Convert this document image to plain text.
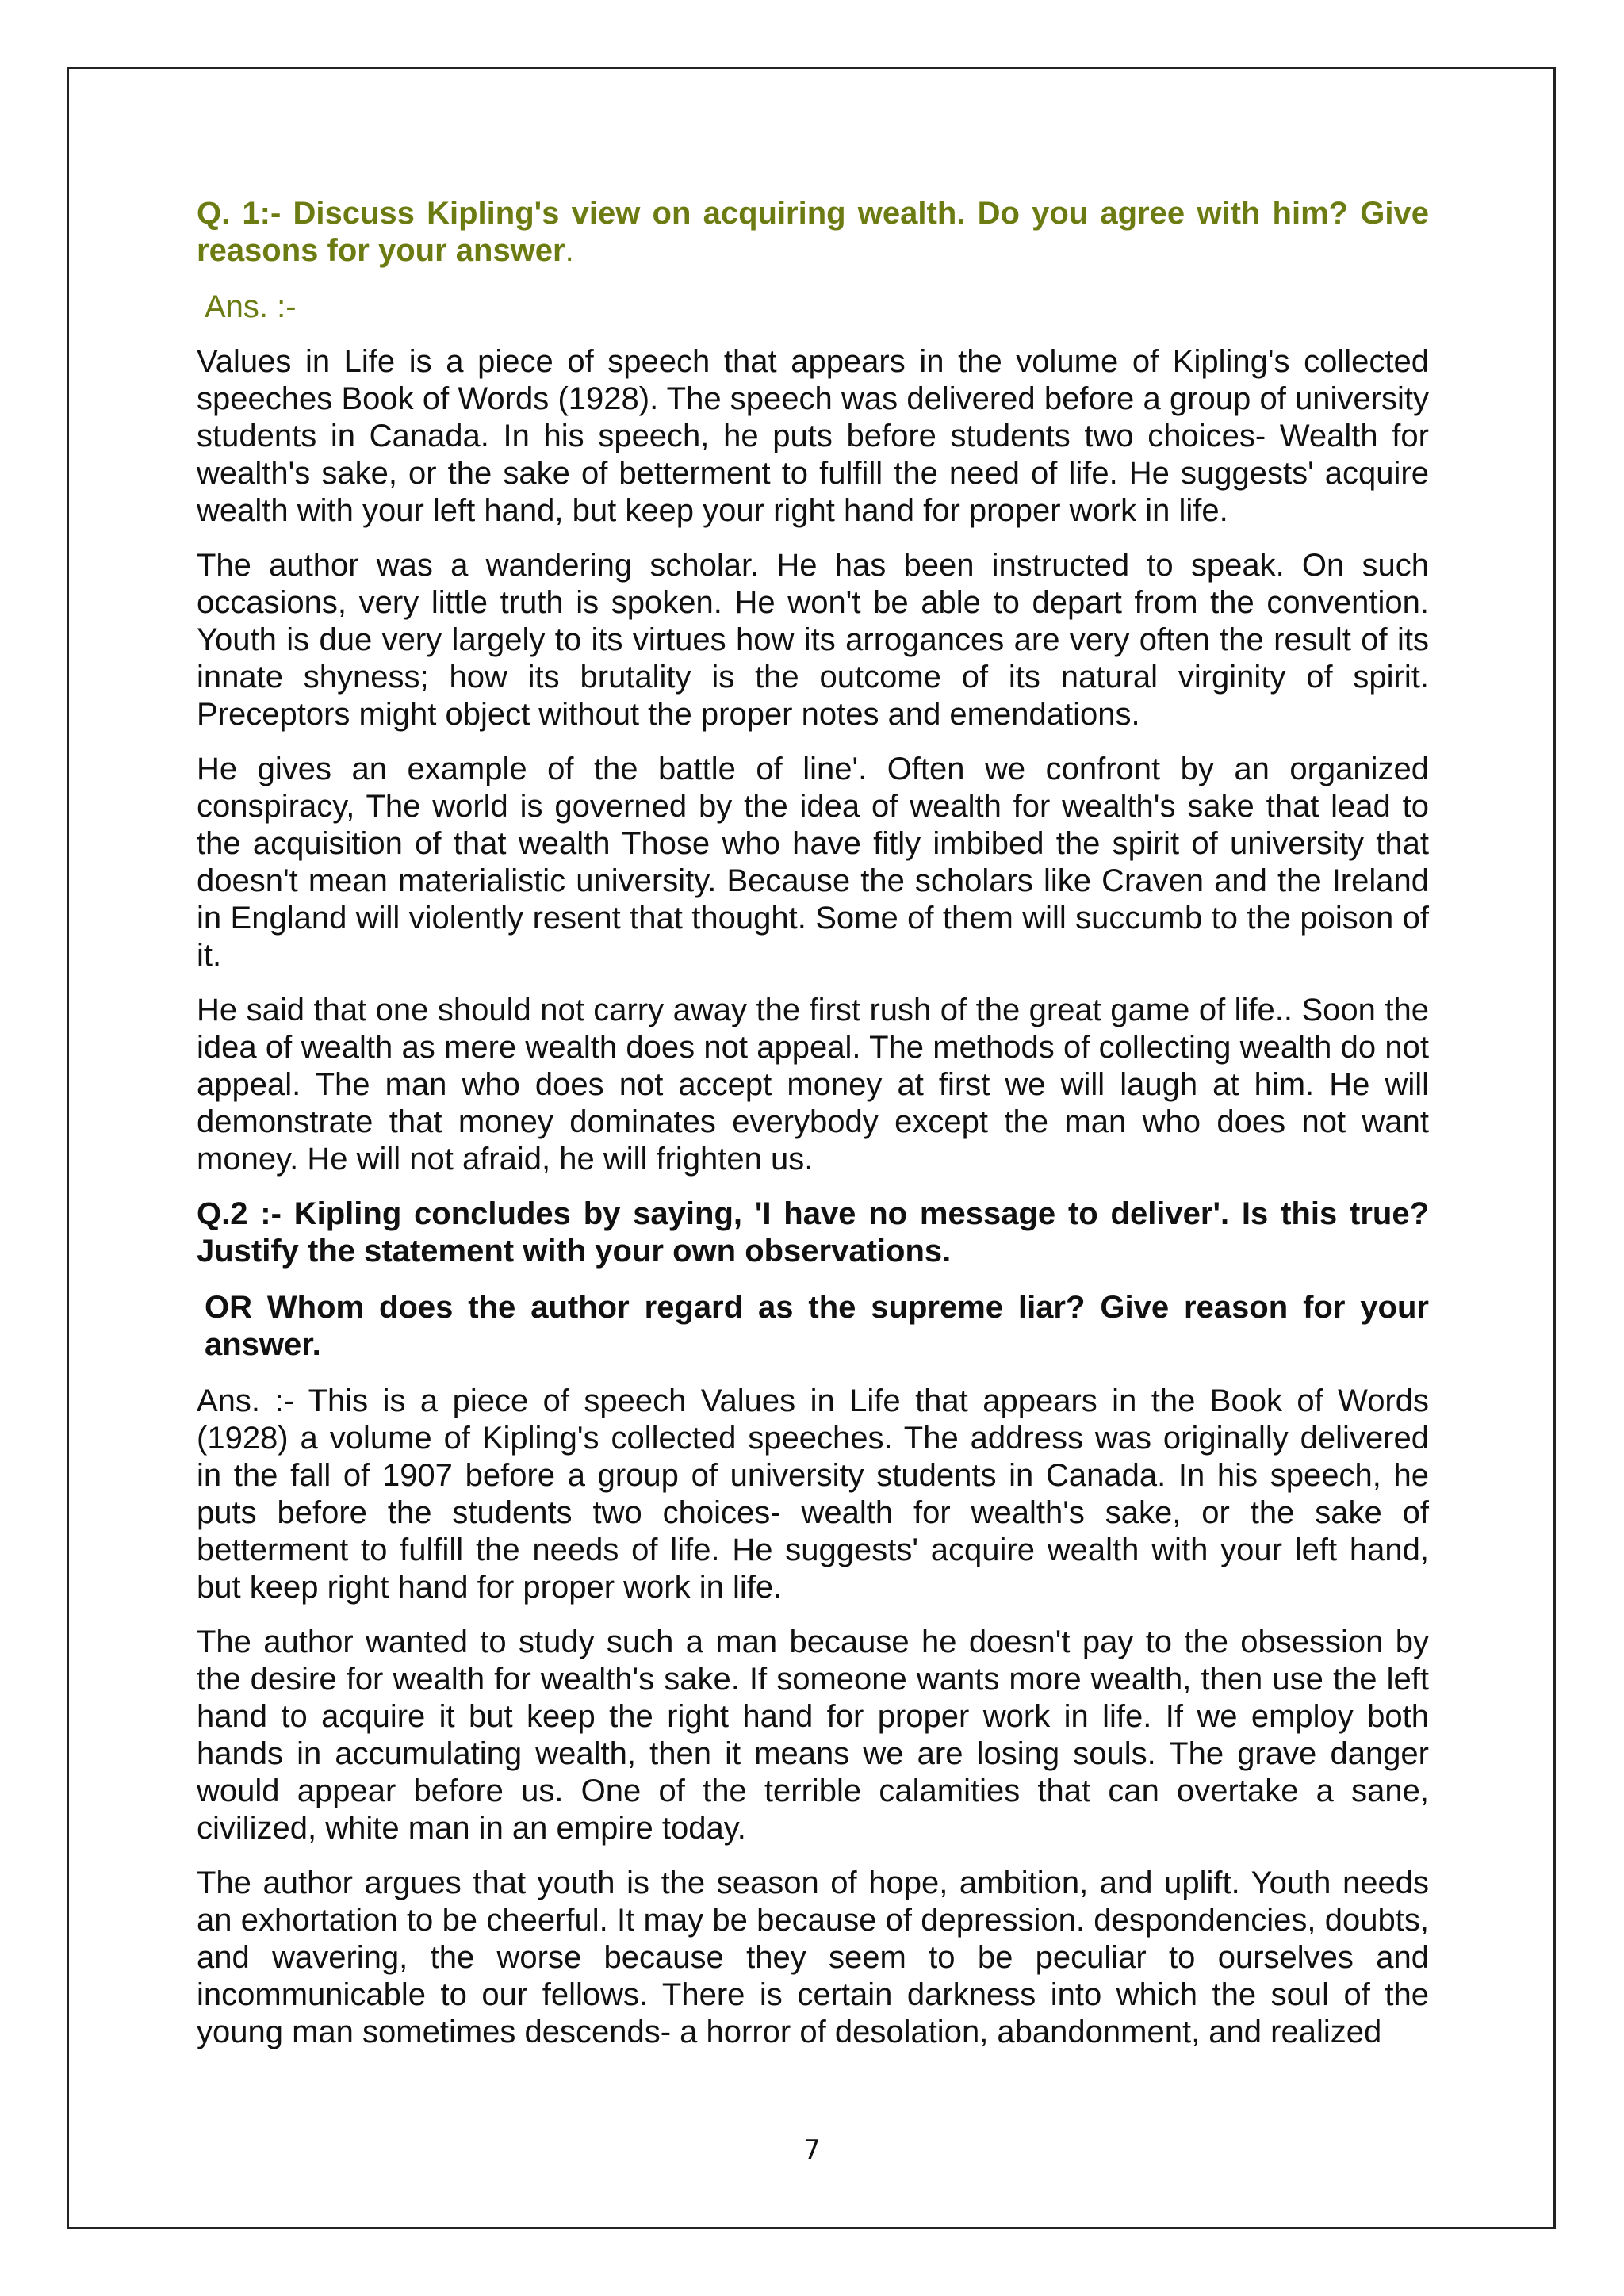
Q. 1:- Discuss Kipling's view on acquiring wealth. Do you agree with him? Give reasons for your answer.

Ans. :-

Values in Life is a piece of speech that appears in the volume of Kipling's collected speeches Book of Words (1928). The speech was delivered before a group of university students in Canada. In his speech, he puts before students two choices- Wealth for wealth's sake, or the sake of betterment to fulfill the need of life. He suggests' acquire wealth with your left hand, but keep your right hand for proper work in life.

The author was a wandering scholar. He has been instructed to speak. On such occasions, very little truth is spoken. He won't be able to depart from the convention. Youth is due very largely to its virtues how its arrogances are very often the result of its innate shyness; how its brutality is the outcome of its natural virginity of spirit. Preceptors might object without the proper notes and emendations.

He gives an example of the battle of line'. Often we confront by an organized conspiracy, The world is governed by the idea of wealth for wealth's sake that lead to the acquisition of that wealth Those who have fitly imbibed the spirit of university that doesn't mean materialistic university. Because the scholars like Craven and the Ireland in England will violently resent that thought. Some of them will succumb to the poison of it.

He said that one should not carry away the first rush of the great game of life.. Soon the idea of wealth as mere wealth does not appeal. The methods of collecting wealth do not appeal. The man who does not accept money at first we will laugh at him. He will demonstrate that money dominates everybody except the man who does not want money. He will not afraid, he will frighten us.

Q.2 :- Kipling concludes by saying, 'I have no message to deliver'. Is this true? Justify the statement with your own observations.

OR Whom does the author regard as the supreme liar? Give reason for your answer.

Ans. :- This is a piece of speech Values in Life that appears in the Book of Words (1928) a volume of Kipling's collected speeches. The address was originally delivered in the fall of 1907 before a group of university students in Canada. In his speech, he puts before the students two choices- wealth for wealth's sake, or the sake of betterment to fulfill the needs of life. He suggests' acquire wealth with your left hand, but keep right hand for proper work in life.

The author wanted to study such a man because he doesn't pay to the obsession by the desire for wealth for wealth's sake. If someone wants more wealth, then use the left hand to acquire it but keep the right hand for proper work in life. If we employ both hands in accumulating wealth, then it means we are losing souls. The grave danger would appear before us. One of the terrible calamities that can overtake a sane, civilized, white man in an empire today.

The author argues that youth is the season of hope, ambition, and uplift. Youth needs an exhortation to be cheerful. It may be because of depression. despondencies, doubts, and wavering, the worse because they seem to be peculiar to ourselves and incommunicable to our fellows. There is certain darkness into which the soul of the young man sometimes descends- a horror of desolation, abandonment, and realized

7
